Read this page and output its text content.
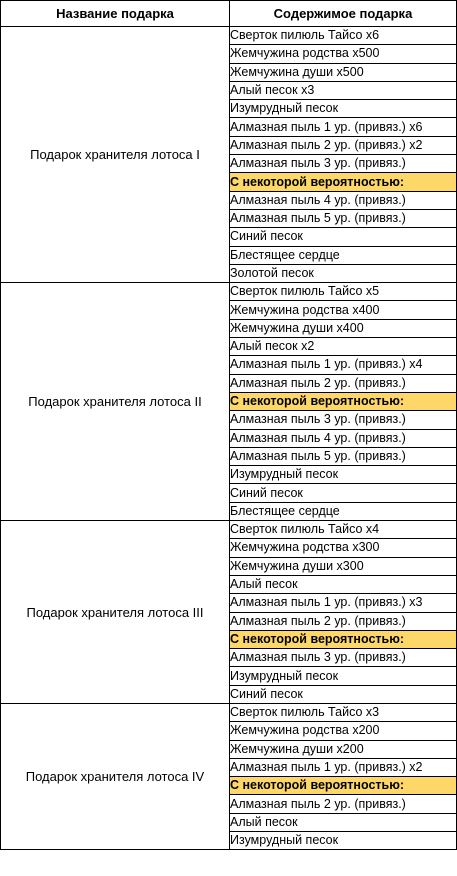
Название подарка	Содержимое подарка
Подарок хранителя лотоса I	Сверток пилюль Тайсо x6
	Жемчужина родства x500
	Жемчужина души x500
	Алый песок x3
	Изумрудный песок
	Алмазная пыль 1 ур. (привяз.) x6
	Алмазная пыль 2 ур. (привяз.) x2
	Алмазная пыль 3 ур. (привяз.)
	С некоторой вероятностью:
	Алмазная пыль 4 ур. (привяз.)
	Алмазная пыль 5 ур. (привяз.)
	Синий песок
	Блестящее сердце
	Золотой песок
Подарок хранителя лотоса II	Сверток пилюль Тайсо x5
	Жемчужина родства x400
	Жемчужина души x400
	Алый песок x2
	Алмазная пыль 1 ур. (привяз.) x4
	Алмазная пыль 2 ур. (привяз.)
	С некоторой вероятностью:
	Алмазная пыль 3 ур. (привяз.)
	Алмазная пыль 4 ур. (привяз.)
	Алмазная пыль 5 ур. (привяз.)
	Изумрудный песок
	Синий песок
	Блестящее сердце
Подарок хранителя лотоса III	Сверток пилюль Тайсо x4
	Жемчужина родства x300
	Жемчужина души x300
	Алый песок
	Алмазная пыль 1 ур. (привяз.) x3
	Алмазная пыль 2 ур. (привяз.)
	С некоторой вероятностью:
	Алмазная пыль 3 ур. (привяз.)
	Изумрудный песок
	Синий песок
Подарок хранителя лотоса IV	Сверток пилюль Тайсо x3
	Жемчужина родства x200
	Жемчужина души x200
	Алмазная пыль 1 ур. (привяз.) x2
	С некоторой вероятностью:
	Алмазная пыль 2 ур. (привяз.)
	Алый песок
	Изумрудный песок
